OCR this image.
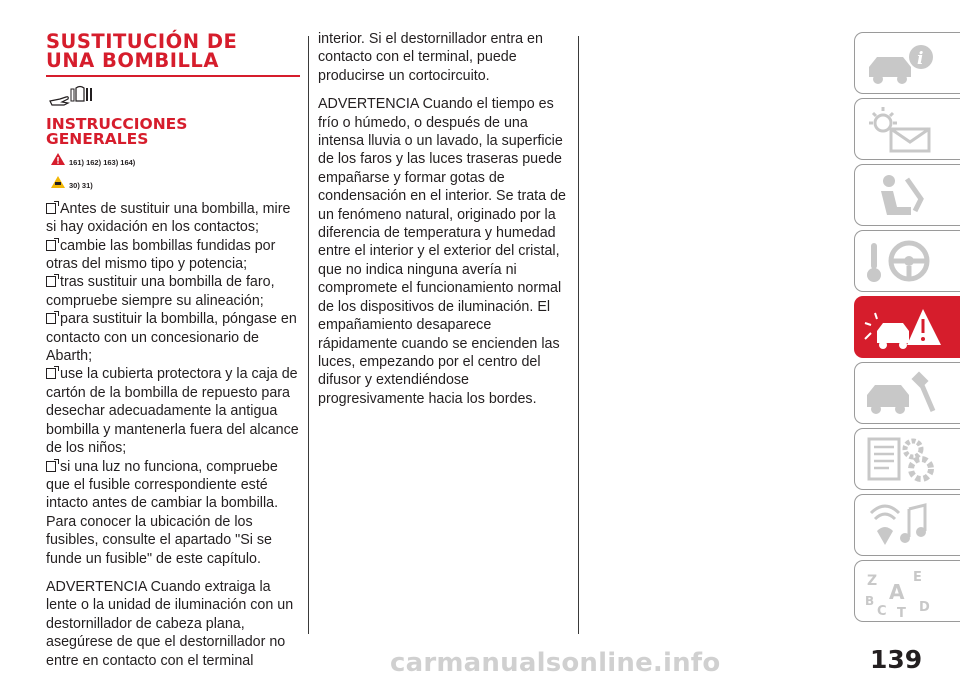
SUSTITUCIÓN DE
UNA BOMBILLA
INSTRUCCIONES
GENERALES
161) 162) 163) 164)
30) 31)

Antes de sustituir una bombilla, mire si hay oxidación en los contactos;

cambie las bombillas fundidas por otras del mismo tipo y potencia;

tras sustituir una bombilla de faro, compruebe siempre su alineación;

para sustituir la bombilla, póngase en contacto con un concesionario de Abarth;

use la cubierta protectora y la caja de cartón de la bombilla de repuesto para desechar adecuadamente la antigua bombilla y mantenerla fuera del alcance de los niños;

si una luz no funciona, compruebe que el fusible correspondiente esté intacto antes de cambiar la bombilla. Para conocer la ubicación de los fusibles, consulte el apartado "Si se funde un fusible" de este capítulo.

ADVERTENCIA Cuando extraiga la lente o la unidad de iluminación con un destornillador de cabeza plana, asegúrese de que el destornillador no entre en contacto con el terminal

interior. Si el destornillador entra en contacto con el terminal, puede producirse un cortocircuito.

ADVERTENCIA Cuando el tiempo es frío o húmedo, o después de una intensa lluvia o un lavado, la superficie de los faros y las luces traseras puede empañarse y formar gotas de condensación en el interior. Se trata de un fenómeno natural, originado por la diferencia de temperatura y humedad entre el interior y el exterior del cristal, que no indica ninguna avería ni compromete el funcionamiento normal de los dispositivos de iluminación. El empañamiento desaparece rápidamente cuando se encienden las luces, empezando por el centro del difusor y extendiéndose progresivamente hacia los bordes.

i
Z	E
B A
C T D
139
carmanualsonline.info
